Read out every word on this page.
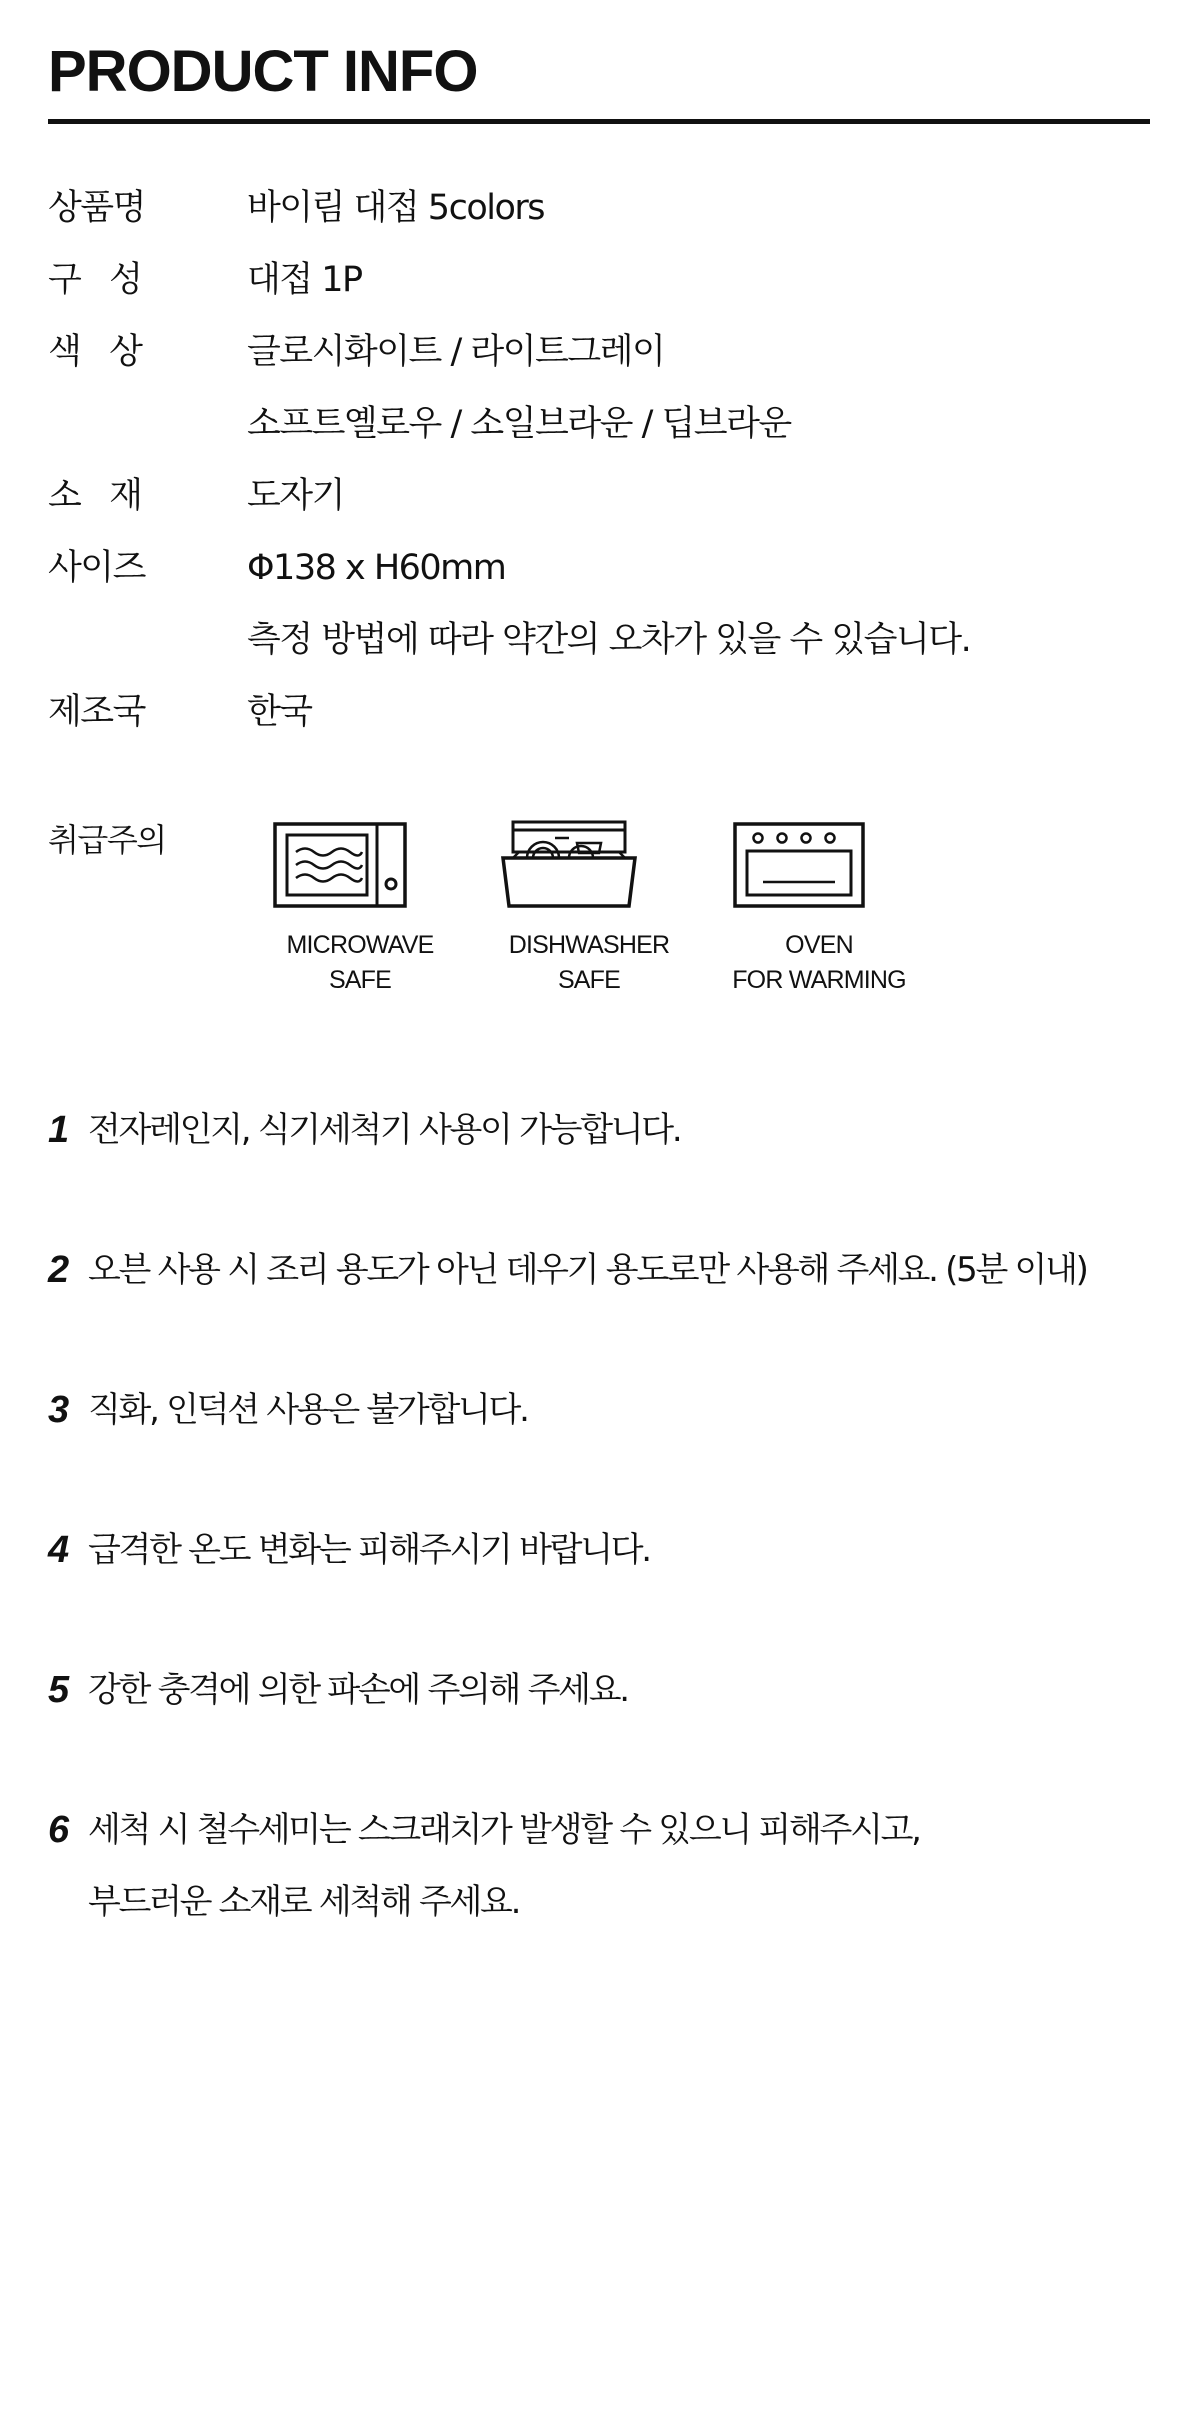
PRODUCT INFO
상품명	바이림 대접 5colors
구   성	대접 1P
색   상	글로시화이트 / 라이트그레이
소프트옐로우 / 소일브라운 / 딥브라운
소   재	도자기
사이즈	Φ138 x H60mm
측정 방법에 따라 약간의 오차가 있을 수 있습니다.
제조국	한국
취급주의
MICROWAVE
SAFE
DISHWASHER
SAFE
OVEN
FOR WARMING
1 전자레인지, 식기세척기 사용이 가능합니다.
2 오븐 사용 시 조리 용도가 아닌 데우기 용도로만 사용해 주세요. (5분 이내)
3 직화, 인덕션 사용은 불가합니다.
4 급격한 온도 변화는 피해주시기 바랍니다.
5 강한 충격에 의한 파손에 주의해 주세요.
6 세척 시 철수세미는 스크래치가 발생할 수 있으니 피해주시고,
부드러운 소재로 세척해 주세요.
